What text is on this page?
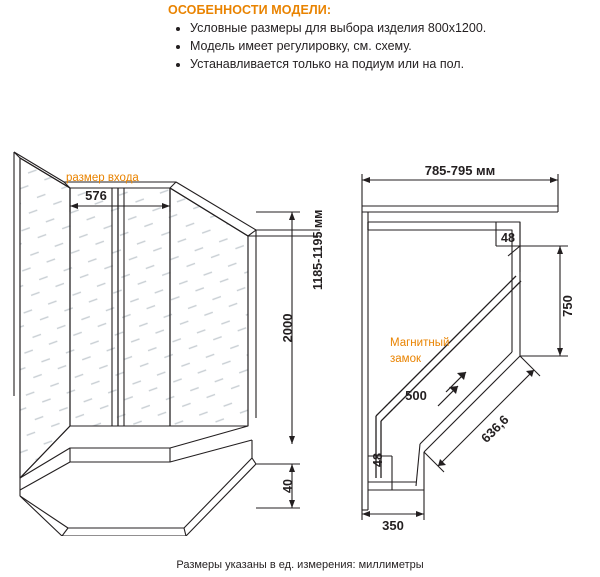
ОСОБЕННОСТИ МОДЕЛИ:
• Условные размеры для выбора изделия 800x1200.
• Модель имеет регулировку, см. схему.
• Устанавливается только на подиум или на пол.
размер входа
576
2000
40
1185-1195 мм
785-795 мм
48
750
500
48
636,6
350
Магнитный
замок
Размеры указаны в ед. измерения: миллиметры
